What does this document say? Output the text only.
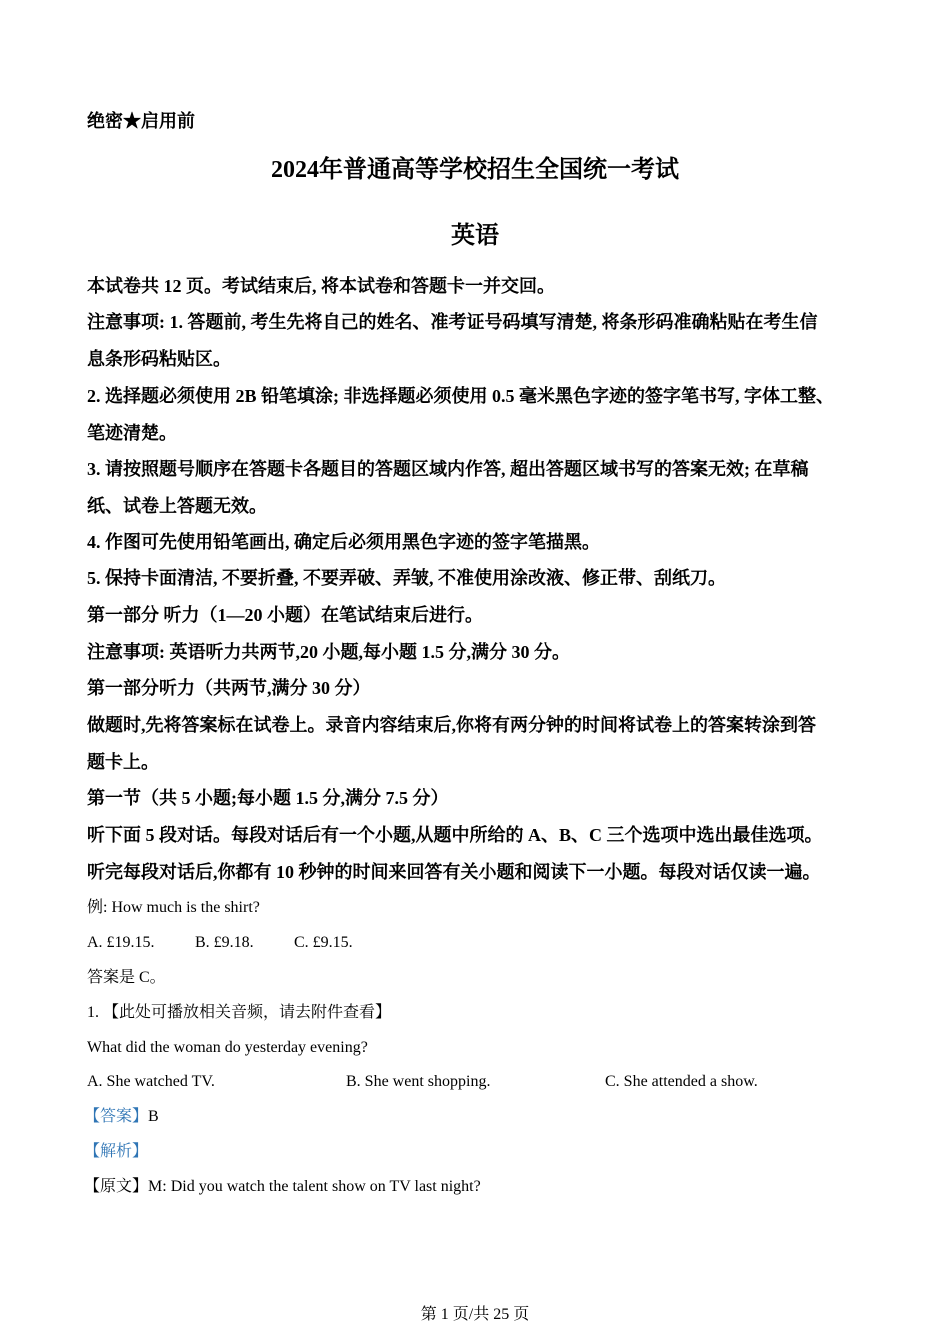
绝密★启用前
2024年普通高等学校招生全国统一考试
英语
本试卷共 12 页。考试结束后, 将本试卷和答题卡一并交回。
注意事项: 1. 答题前, 考生先将自己的姓名、准考证号码填写清楚, 将条形码准确粘贴在考生信
息条形码粘贴区。
2. 选择题必须使用 2B 铅笔填涂; 非选择题必须使用 0.5 毫米黑色字迹的签字笔书写, 字体工整、
笔迹清楚。
3. 请按照题号顺序在答题卡各题目的答题区域内作答, 超出答题区域书写的答案无效; 在草稿
纸、试卷上答题无效。
4. 作图可先使用铅笔画出, 确定后必须用黑色字迹的签字笔描黑。
5. 保持卡面清洁, 不要折叠, 不要弄破、弄皱, 不准使用涂改液、修正带、刮纸刀。
第一部分 听力（1—20 小题）在笔试结束后进行。
注意事项: 英语听力共两节,20 小题,每小题 1.5 分,满分 30 分。
第一部分听力（共两节,满分 30 分）
做题时,先将答案标在试卷上。录音内容结束后,你将有两分钟的时间将试卷上的答案转涂到答
题卡上。
第一节（共 5 小题;每小题 1.5 分,满分 7.5 分）
听下面 5 段对话。每段对话后有一个小题,从题中所给的 A、B、C 三个选项中选出最佳选项。
听完每段对话后,你都有 10 秒钟的时间来回答有关小题和阅读下一小题。每段对话仅读一遍。
例: How much is the shirt?
A. £19.15.	B. £9.18.	C. £9.15.
答案是 C。
1. 【此处可播放相关音频，请去附件查看】
What did the woman do yesterday evening?
A. She watched TV.	B. She went shopping.	C. She attended a show.
【答案】B
【解析】
【原文】M: Did you watch the talent show on TV last night?
第 1 页/共 25 页
